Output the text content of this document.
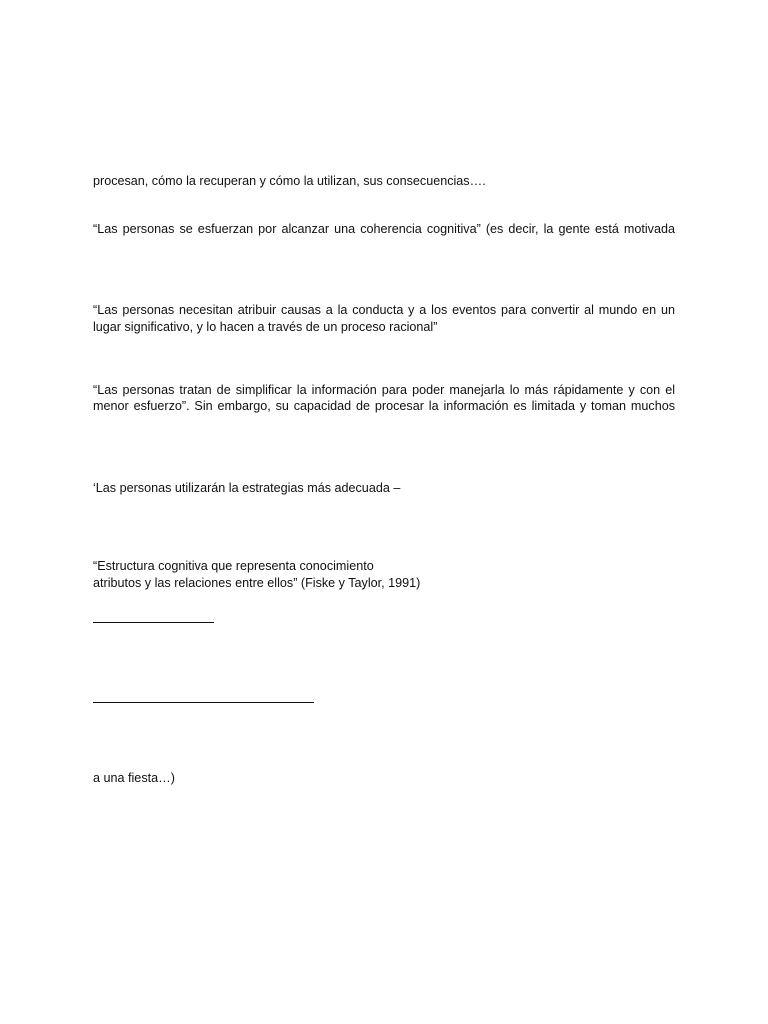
procesan, cómo la recuperan y cómo la utilizan, sus consecuencias….
“Las personas se esfuerzan por alcanzar una coherencia cognitiva” (es decir, la gente está motivada
“Las personas necesitan atribuir causas a la conducta y a los eventos para convertir al mundo en un
lugar significativo, y lo hacen a través de un proceso racional”
“Las personas tratan de simplificar la información para poder manejarla lo más rápidamente y con el
menor esfuerzo”. Sin embargo, su capacidad de procesar la información es limitada y toman muchos
‘Las personas utilizarán la estrategias más adecuada –
“Estructura cognitiva que representa conocimiento
atributos y las relaciones entre ellos” (Fiske y Taylor, 1991)
a una fiesta…)
